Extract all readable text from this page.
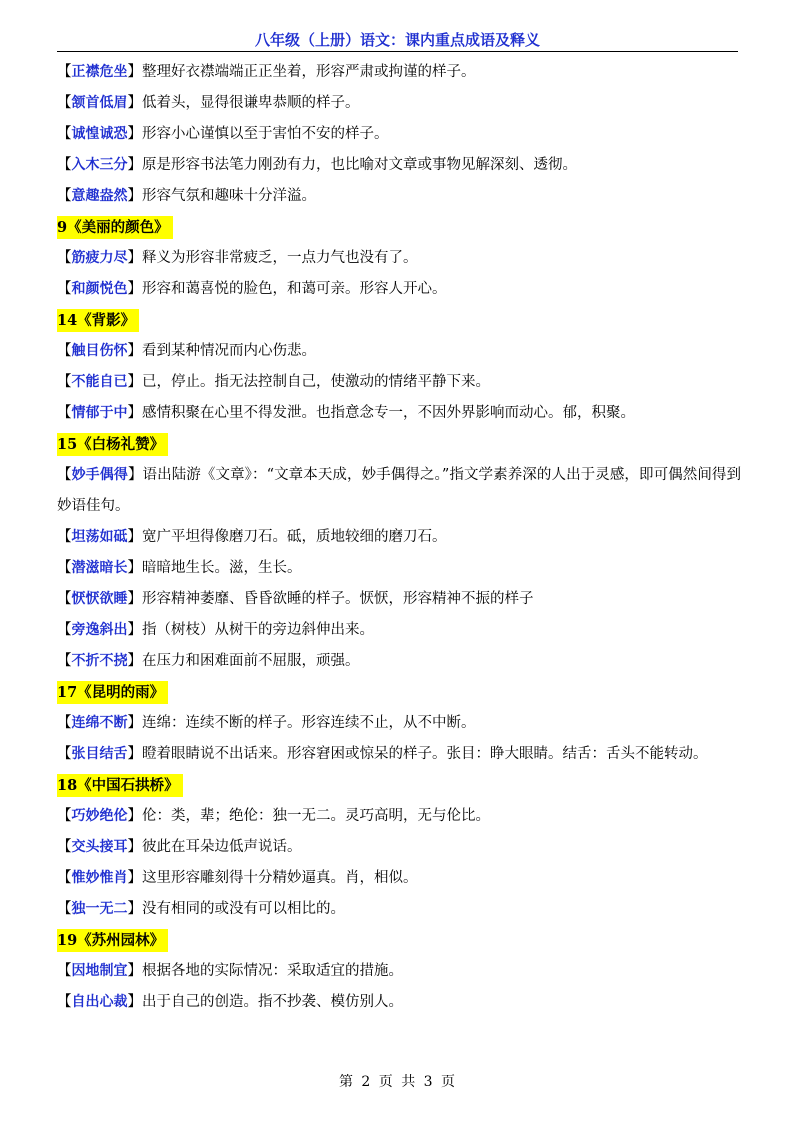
八年级（上册）语文：课内重点成语及释义
【正襟危坐】整理好衣襟端端正正坐着，形容严肃或拘谨的样子。
【颔首低眉】低着头，显得很谦卑恭顺的样子。
【诚惶诚恐】形容小心谨慎以至于害怕不安的样子。
【入木三分】原是形容书法笔力刚劲有力，也比喻对文章或事物见解深刻、透彻。
【意趣盎然】形容气氛和趣味十分洋溢。
9《美丽的颜色》
【筋疲力尽】释义为形容非常疲乏，一点力气也没有了。
【和颜悦色】形容和蔼喜悦的脸色，和蔼可亲。形容人开心。
14《背影》
【触目伤怀】看到某种情况而内心伤悲。
【不能自已】已，停止。指无法控制自己，使激动的情绪平静下来。
【情郁于中】感情积聚在心里不得发泄。也指意念专一，不因外界影响而动心。郁，积聚。
15《白杨礼赞》
【妙手偶得】语出陆游《文章》：“文章本天成，妙手偶得之。”指文学素养深的人出于灵感，即可偶然间得到妙语佳句。
【坦荡如砥】宽广平坦得像磨刀石。砥，质地较细的磨刀石。
【潜滋暗长】暗暗地生长。滋，生长。
【恹恹欲睡】形容精神萎靡、昏昏欲睡的样子。恹恹，形容精神不振的样子
【旁逸斜出】指（树枝）从树干的旁边斜伸出来。
【不折不挠】在压力和困难面前不屈服，顽强。
17《昆明的雨》
【连绵不断】连绵：连续不断的样子。形容连续不止，从不中断。
【张目结舌】瞪着眼睛说不出话来。形容窘困或惊呆的样子。张目：睁大眼睛。结舌：舌头不能转动。
18《中国石拱桥》
【巧妙绝伦】伦：类，辈；绝伦：独一无二。灵巧高明，无与伦比。
【交头接耳】彼此在耳朵边低声说话。
【惟妙惟肖】这里形容雕刻得十分精妙逼真。肖，相似。
【独一无二】没有相同的或没有可以相比的。
19《苏州园林》
【因地制宜】根据各地的实际情况：采取适宜的措施。
【自出心裁】出于自己的创造。指不抄袭、模仿别人。
第 2 页 共 3 页
